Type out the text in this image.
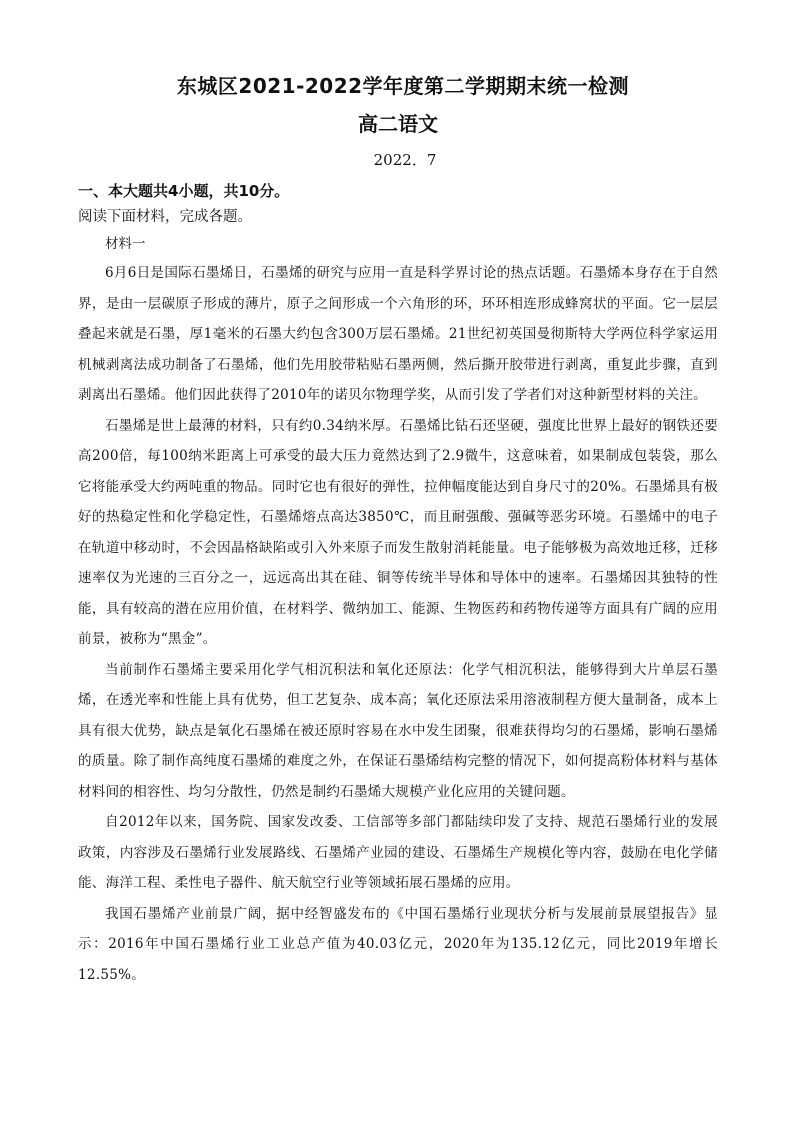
东城区2021-2022学年度第二学期期末统一检测
高二语文
2022．7

一、本大题共4小题，共10分。

阅读下面材料，完成各题。

材料一

6月6日是国际石墨烯日，石墨烯的研究与应用一直是科学界讨论的热点话题。石墨烯本身存在于自然界，是由一层碳原子形成的薄片，原子之间形成一个六角形的环，环环相连形成蜂窝状的平面。它一层层叠起来就是石墨，厚1毫米的石墨大约包含300万层石墨烯。21世纪初英国曼彻斯特大学两位科学家运用机械剥离法成功制备了石墨烯，他们先用胶带粘贴石墨两侧，然后撕开胶带进行剥离，重复此步骤，直到剥离出石墨烯。他们因此获得了2010年的诺贝尔物理学奖，从而引发了学者们对这种新型材料的关注。

石墨烯是世上最薄的材料，只有约0.34纳米厚。石墨烯比钻石还坚硬，强度比世界上最好的钢铁还要高200倍，每100纳米距离上可承受的最大压力竟然达到了2.9微牛，这意味着，如果制成包装袋，那么它将能承受大约两吨重的物品。同时它也有很好的弹性，拉伸幅度能达到自身尺寸的20%。石墨烯具有极好的热稳定性和化学稳定性，石墨烯熔点高达3850℃，而且耐强酸、强碱等恶劣环境。石墨烯中的电子在轨道中移动时，不会因晶格缺陷或引入外来原子而发生散射消耗能量。电子能够极为高效地迁移，迁移速率仅为光速的三百分之一，远远高出其在硅、铜等传统半导体和导体中的速率。石墨烯因其独特的性能，具有较高的潜在应用价值，在材料学、微纳加工、能源、生物医药和药物传递等方面具有广阔的应用前景，被称为“黑金”。

当前制作石墨烯主要采用化学气相沉积法和氧化还原法：化学气相沉积法，能够得到大片单层石墨烯，在透光率和性能上具有优势，但工艺复杂、成本高；氧化还原法采用溶液制程方便大量制备，成本上具有很大优势，缺点是氧化石墨烯在被还原时容易在水中发生团聚，很难获得均匀的石墨烯，影响石墨烯的质量。除了制作高纯度石墨烯的难度之外，在保证石墨烯结构完整的情况下，如何提高粉体材料与基体材料间的相容性、均匀分散性，仍然是制约石墨烯大规模产业化应用的关键问题。

自2012年以来，国务院、国家发改委、工信部等多部门都陆续印发了支持、规范石墨烯行业的发展政策，内容涉及石墨烯行业发展路线、石墨烯产业园的建设、石墨烯生产规模化等内容，鼓励在电化学储能、海洋工程、柔性电子器件、航天航空行业等领域拓展石墨烯的应用。

我国石墨烯产业前景广阔，据中经智盛发布的《中国石墨烯行业现状分析与发展前景展望报告》显示：2016年中国石墨烯行业工业总产值为40.03亿元，2020年为135.12亿元，同比2019年增长12.55%。
